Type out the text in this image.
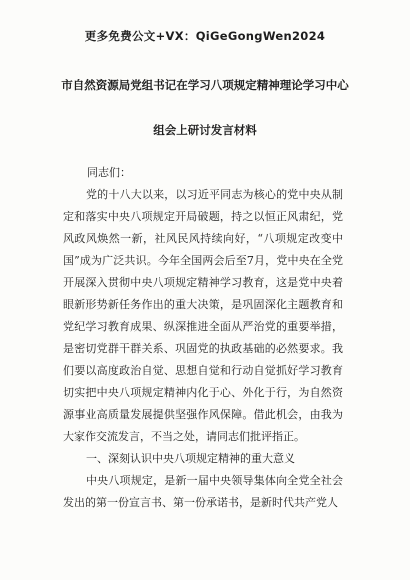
更多免费公文+VX：QiGeGongWen2024
市自然资源局党组书记在学习八项规定精神理论学习中心
组会上研讨发言材料

同志们：

党的十八大以来，以习近平同志为核心的党中央从制定和落实中央八项规定开局破题，持之以恒正风肃纪，党风政风焕然一新，社风民风持续向好，“八项规定改变中国”成为广泛共识。今年全国两会后至7月，党中央在全党开展深入贯彻中央八项规定精神学习教育，这是党中央着眼新形势新任务作出的重大决策，是巩固深化主题教育和党纪学习教育成果、纵深推进全面从严治党的重要举措，是密切党群干群关系、巩固党的执政基础的必然要求。我们要以高度政治自觉、思想自觉和行动自觉抓好学习教育切实把中央八项规定精神内化于心、外化于行，为自然资源事业高质量发展提供坚强作风保障。借此机会，由我为大家作交流发言，不当之处，请同志们批评指正。

一、深刻认识中央八项规定精神的重大意义

中央八项规定，是新一届中央领导集体向全党全社会发出的第一份宣言书、第一份承诺书，是新时代共产党人
